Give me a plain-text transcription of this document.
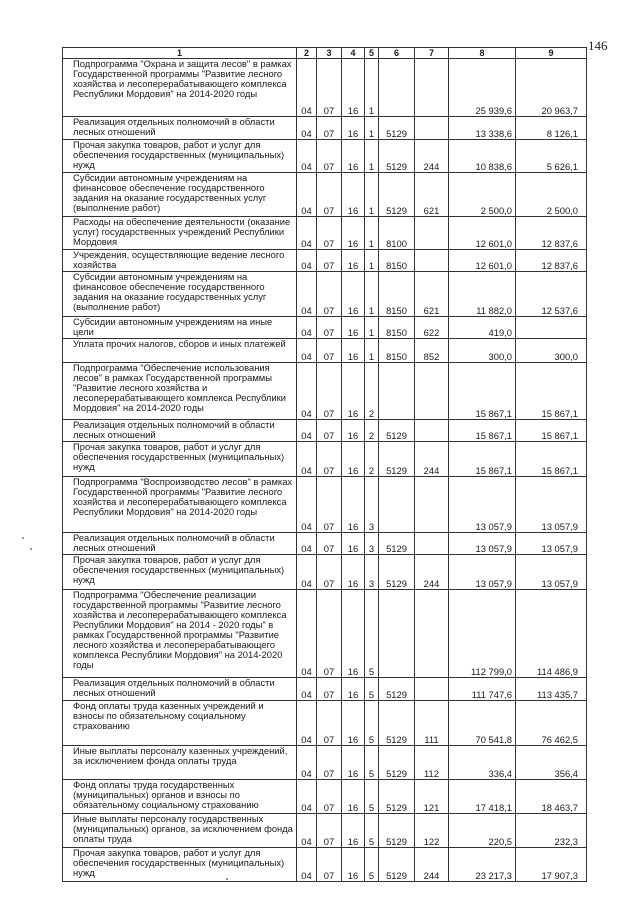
146
1	2	3	4	5	6	7	8	9
Подпрограмма "Охрана и защита лесов" в рамках Государственной программы "Развитие лесного хозяйства и лесоперерабатывающего комплекса Республики Мордовия" на 2014-2020 годы	04	07	16	1			25 939,6	20 963,7
Реализация отдельных полномочий в области лесных отношений	04	07	16	1	5129		13 338,6	8 126,1
Прочая закупка товаров, работ и услуг для обеспечения государственных (муниципальных) нужд	04	07	16	1	5129	244	10 838,6	5 626,1
Субсидии автономным учреждениям на финансовое обеспечение государственного задания на оказание государственных услуг (выполнение работ)	04	07	16	1	5129	621	2 500,0	2 500,0
Расходы на обеспечение деятельности (оказание услуг) государственных учреждений Республики Мордовия	04	07	16	1	8100		12 601,0	12 837,6
Учреждения, осуществляющие ведение лесного хозяйства	04	07	16	1	8150		12 601,0	12 837,6
Субсидии автономным учреждениям на финансовое обеспечение государственного задания на оказание государственных услуг (выполнение работ)	04	07	16	1	8150	621	11 882,0	12 537,6
Субсидии автономным учреждениям на иные цели	04	07	16	1	8150	622	419,0	
Уплата прочих налогов, сборов и иных платежей	04	07	16	1	8150	852	300,0	300,0
Подпрограмма "Обеспечение использования лесов" в рамках Государственной программы "Развитие лесного хозяйства и лесоперерабатывающего комплекса Республики Мордовия" на 2014-2020 годы	04	07	16	2			15 867,1	15 867,1
Реализация отдельных полномочий в области лесных отношений	04	07	16	2	5129		15 867,1	15 867,1
Прочая закупка товаров, работ и услуг для обеспечения государственных (муниципальных) нужд	04	07	16	2	5129	244	15 867,1	15 867,1
Подпрограмма "Воспроизводство лесов" в рамках Государственной программы "Развитие лесного хозяйства и лесоперерабатывающего комплекса Республики Мордовия" на 2014-2020 годы	04	07	16	3			13 057,9	13 057,9
Реализация отдельных полномочий в области лесных отношений	04	07	16	3	5129		13 057,9	13 057,9
Прочая закупка товаров, работ и услуг для обеспечения государственных (муниципальных) нужд	04	07	16	3	5129	244	13 057,9	13 057,9
Подпрограмма "Обеспечение реализации государственной программы "Развитие лесного хозяйства и лесоперерабатывающего комплекса Республики Мордовия" на 2014 - 2020 годы" в рамках Государственной программы "Развитие лесного хозяйства и лесоперерабатывающего комплекса Республики Мордовия" на 2014-2020 годы	04	07	16	5			112 799,0	114 486,9
Реализация отдельных полномочий в области лесных отношений	04	07	16	5	5129		111 747,6	113 435,7
Фонд оплаты труда казенных учреждений и взносы по обязательному социальному страхованию	04	07	16	5	5129	111	70 541,8	76 462,5
Иные выплаты персоналу казенных учреждений, за исключением фонда оплаты труда	04	07	16	5	5129	112	336,4	356,4
Фонд оплаты труда государственных (муниципальных) органов и взносы по обязательному социальному страхованию	04	07	16	5	5129	121	17 418,1	18 463,7
Иные выплаты персоналу государственных (муниципальных) органов, за исключением фонда оплаты труда	04	07	16	5	5129	122	220,5	232,3
Прочая закупка товаров, работ и услуг для обеспечения государственных (муниципальных) нужд	04	07	16	5	5129	244	23 217,3	17 907,3
